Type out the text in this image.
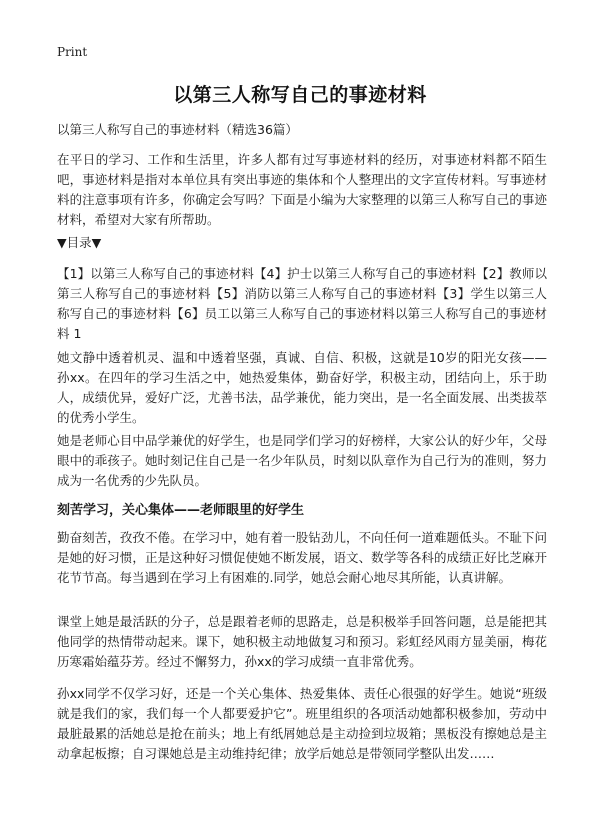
Print
以第三人称写自己的事迹材料
以第三人称写自己的事迹材料（精选36篇）

在平日的学习、工作和生活里，许多人都有过写事迹材料的经历，对事迹材料都不陌生吧，事迹材料是指对本单位具有突出事迹的集体和个人整理出的文字宣传材料。写事迹材料的注意事项有许多，你确定会写吗？下面是小编为大家整理的以第三人称写自己的事迹材料，希望对大家有所帮助。

▼目录▼

【1】以第三人称写自己的事迹材料【4】护士以第三人称写自己的事迹材料【2】教师以第三人称写自己的事迹材料【5】消防以第三人称写自己的事迹材料【3】学生以第三人称写自己的事迹材料【6】员工以第三人称写自己的事迹材料以第三人称写自己的事迹材料 1

她文静中透着机灵、温和中透着坚强，真诚、自信、积极，这就是10岁的阳光女孩——孙xx。在四年的学习生活之中，她热爱集体，勤奋好学，积极主动，团结向上，乐于助人，成绩优异，爱好广泛，尤善书法，品学兼优，能力突出，是一名全面发展、出类拔萃的优秀小学生。

她是老师心目中品学兼优的好学生，也是同学们学习的好榜样，大家公认的好少年，父母眼中的乖孩子。她时刻记住自己是一名少年队员，时刻以队章作为自己行为的准则，努力成为一名优秀的少先队员。

刻苦学习，关心集体——老师眼里的好学生

勤奋刻苦，孜孜不倦。在学习中，她有着一股钻劲儿，不向任何一道难题低头。不耻下问是她的好习惯，正是这种好习惯促使她不断发展，语文、数学等各科的成绩正好比芝麻开花节节高。每当遇到在学习上有困难的.同学，她总会耐心地尽其所能，认真讲解。

课堂上她是最活跃的分子，总是跟着老师的思路走，总是积极举手回答问题，总是能把其他同学的热情带动起来。课下，她积极主动地做复习和预习。彩虹经风雨方显美丽，梅花历寒霜始蕴芬芳。经过不懈努力，孙xx的学习成绩一直非常优秀。

孙xx同学不仅学习好，还是一个关心集体、热爱集体、责任心很强的好学生。她说“班级就是我们的家，我们每一个人都要爱护它”。班里组织的各项活动她都积极参加，劳动中最脏最累的活她总是抢在前头；地上有纸屑她总是主动捡到垃圾箱；黑板没有擦她总是主动拿起板擦；自习课她总是主动维持纪律；放学后她总是带领同学整队出发……
